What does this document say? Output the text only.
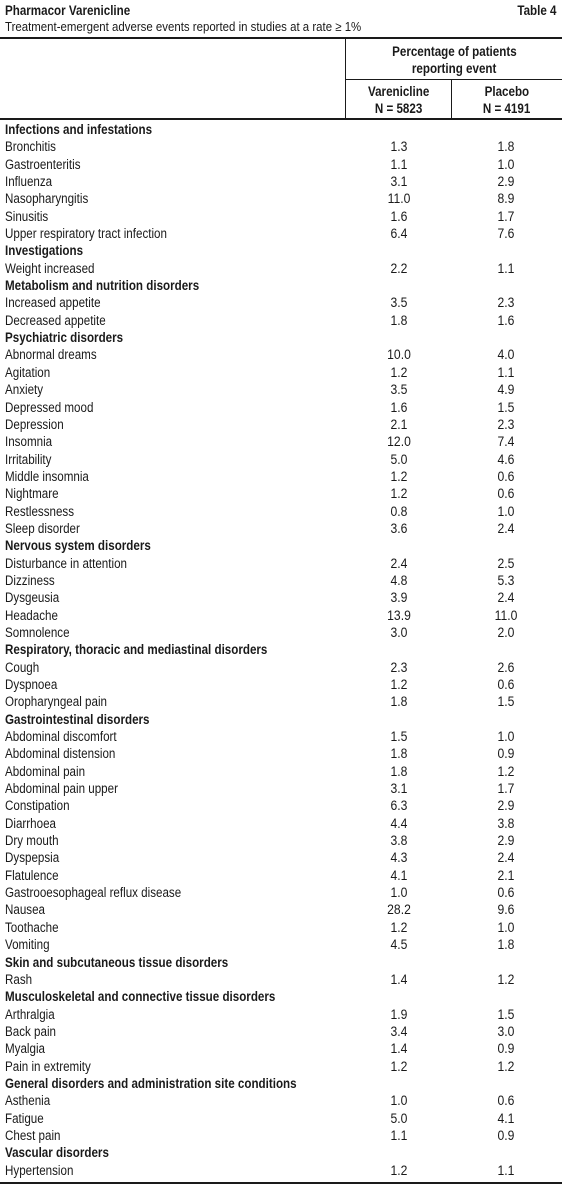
Pharmacor Varenicline	Table 4
Treatment-emergent adverse events reported in studies at a rate ≥ 1%
Percentage of patients
reporting event
Varenicline
N = 5823
Placebo
N = 4191
Infections and infestations
Bronchitis	1.3	1.8
Gastroenteritis	1.1	1.0
Influenza	3.1	2.9
Nasopharyngitis	11.0	8.9
Sinusitis	1.6	1.7
Upper respiratory tract infection	6.4	7.6
Investigations
Weight increased	2.2	1.1
Metabolism and nutrition disorders
Increased appetite	3.5	2.3
Decreased appetite	1.8	1.6
Psychiatric disorders
Abnormal dreams	10.0	4.0
Agitation	1.2	1.1
Anxiety	3.5	4.9
Depressed mood	1.6	1.5
Depression	2.1	2.3
Insomnia	12.0	7.4
Irritability	5.0	4.6
Middle insomnia	1.2	0.6
Nightmare	1.2	0.6
Restlessness	0.8	1.0
Sleep disorder	3.6	2.4
Nervous system disorders
Disturbance in attention	2.4	2.5
Dizziness	4.8	5.3
Dysgeusia	3.9	2.4
Headache	13.9	11.0
Somnolence	3.0	2.0
Respiratory, thoracic and mediastinal disorders
Cough	2.3	2.6
Dyspnoea	1.2	0.6
Oropharyngeal pain	1.8	1.5
Gastrointestinal disorders
Abdominal discomfort	1.5	1.0
Abdominal distension	1.8	0.9
Abdominal pain	1.8	1.2
Abdominal pain upper	3.1	1.7
Constipation	6.3	2.9
Diarrhoea	4.4	3.8
Dry mouth	3.8	2.9
Dyspepsia	4.3	2.4
Flatulence	4.1	2.1
Gastrooesophageal reflux disease	1.0	0.6
Nausea	28.2	9.6
Toothache	1.2	1.0
Vomiting	4.5	1.8
Skin and subcutaneous tissue disorders
Rash	1.4	1.2
Musculoskeletal and connective tissue disorders
Arthralgia	1.9	1.5
Back pain	3.4	3.0
Myalgia	1.4	0.9
Pain in extremity	1.2	1.2
General disorders and administration site conditions
Asthenia	1.0	0.6
Fatigue	5.0	4.1
Chest pain	1.1	0.9
Vascular disorders
Hypertension	1.2	1.1
